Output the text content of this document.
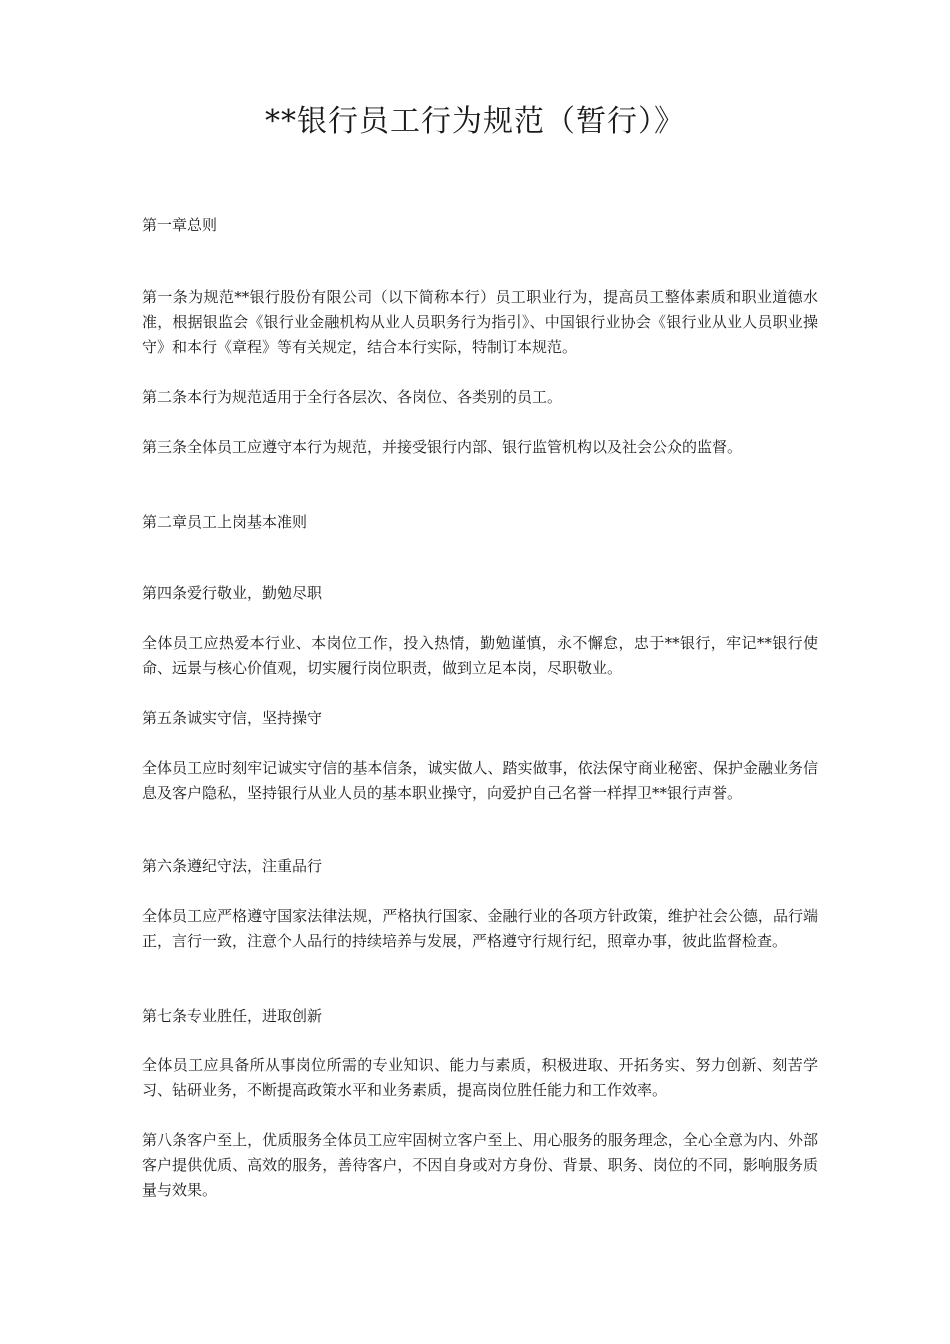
**银行员工行为规范（暂行）》

第一章总则

第一条为规范**银行股份有限公司（以下简称本行）员工职业行为，提高员工整体素质和职业道德水准，根据银监会《银行业金融机构从业人员职务行为指引》、中国银行业协会《银行业从业人员职业操守》和本行《章程》等有关规定，结合本行实际，特制订本规范。

第二条本行为规范适用于全行各层次、各岗位、各类别的员工。

第三条全体员工应遵守本行为规范，并接受银行内部、银行监管机构以及社会公众的监督。

第二章员工上岗基本准则

第四条爱行敬业，勤勉尽职

全体员工应热爱本行业、本岗位工作，投入热情，勤勉谨慎，永不懈怠，忠于**银行，牢记**银行使命、远景与核心价值观，切实履行岗位职责，做到立足本岗，尽职敬业。

第五条诚实守信，坚持操守

全体员工应时刻牢记诚实守信的基本信条，诚实做人、踏实做事，依法保守商业秘密、保护金融业务信息及客户隐私，坚持银行从业人员的基本职业操守，向爱护自己名誉一样捍卫**银行声誉。

第六条遵纪守法，注重品行

全体员工应严格遵守国家法律法规，严格执行国家、金融行业的各项方针政策，维护社会公德，品行端正，言行一致，注意个人品行的持续培养与发展，严格遵守行规行纪，照章办事，彼此监督检查。

第七条专业胜任，进取创新

全体员工应具备所从事岗位所需的专业知识、能力与素质，积极进取、开拓务实、努力创新、刻苦学习、钻研业务，不断提高政策水平和业务素质，提高岗位胜任能力和工作效率。

第八条客户至上，优质服务全体员工应牢固树立客户至上、用心服务的服务理念，全心全意为内、外部客户提供优质、高效的服务，善待客户，不因自身或对方身份、背景、职务、岗位的不同，影响服务质量与效果。
